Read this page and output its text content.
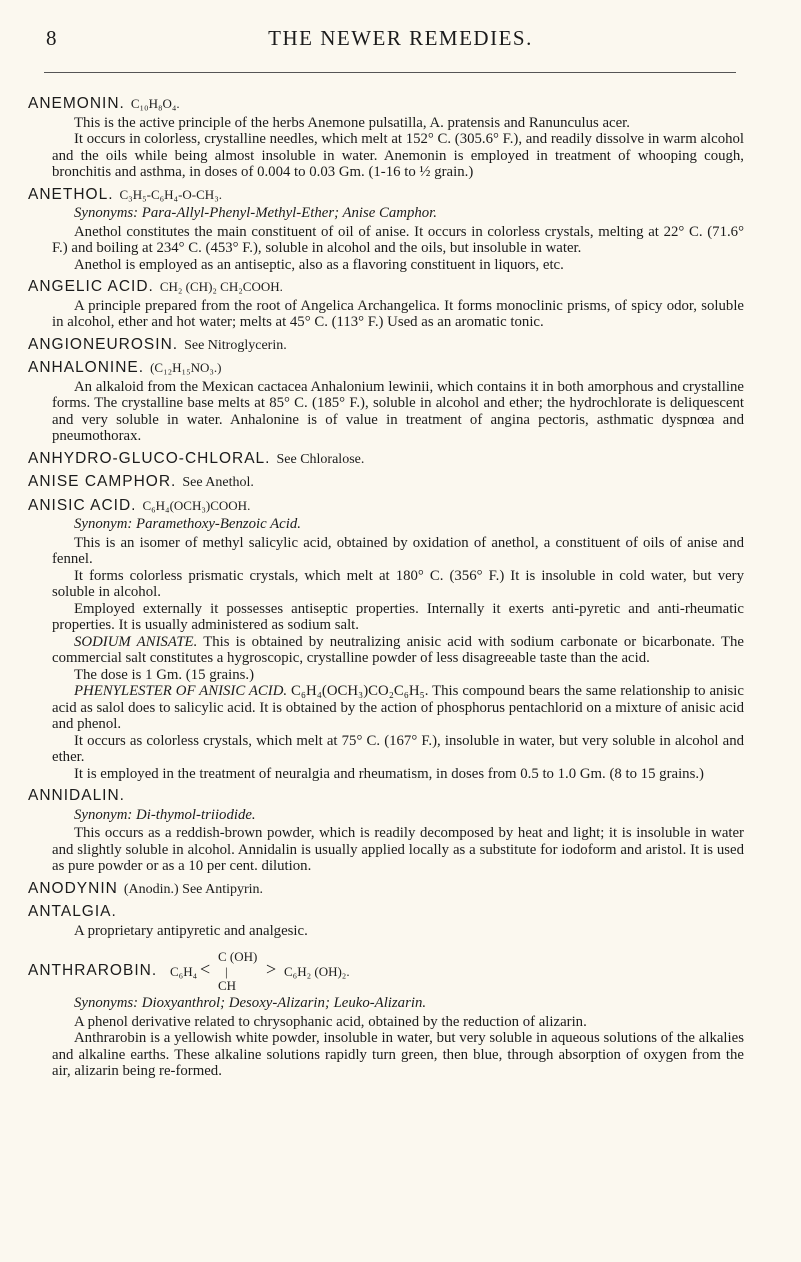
8	THE NEWER REMEDIES.
ANEMONIN. C₁₀H₈O₄.

This is the active principle of the herbs Anemone pulsatilla, A. pratensis and Ranunculus acer.

It occurs in colorless, crystalline needles, which melt at 152° C. (305.6° F.), and readily dissolve in warm alcohol and the oils while being almost insoluble in water. Anemonin is employed in treatment of whooping cough, bronchitis and asthma, in doses of 0.004 to 0.03 Gm. (1-16 to ½ grain.)

ANETHOL. C₃H₅-C₆H₄-O-CH₃.

Synonyms: Para-Allyl-Phenyl-Methyl-Ether; Anise Camphor.

Anethol constitutes the main constituent of oil of anise. It occurs in colorless crystals, melting at 22° C. (71.6° F.) and boiling at 234° C. (453° F.), soluble in alcohol and the oils, but insoluble in water.

Anethol is employed as an antiseptic, also as a flavoring constituent in liquors, etc.

ANGELIC ACID. CH₂ (CH)₂ CH₂COOH.

A principle prepared from the root of Angelica Archangelica. It forms monoclinic prisms, of spicy odor, soluble in alcohol, ether and hot water; melts at 45° C. (113° F.) Used as an aromatic tonic.

ANGIONEUROSIN. See Nitroglycerin.
ANHALONINE. (C₁₂H₁₅NO₃.)

An alkaloid from the Mexican cactacea Anhalonium lewinii, which contains it in both amorphous and crystalline forms. The crystalline base melts at 85° C. (185° F.), soluble in alcohol and ether; the hydrochlorate is deliquescent and very soluble in water. Anhalonine is of value in treatment of angina pectoris, asthmatic dyspnœa and pneumothorax.

ANHYDRO-GLUCO-CHLORAL. See Chloralose.
ANISE CAMPHOR. See Anethol.
ANISIC ACID. C₆H₄(OCH₃)COOH.

Synonym: Paramethoxy-Benzoic Acid.

This is an isomer of methyl salicylic acid, obtained by oxidation of anethol, a constituent of oils of anise and fennel.

It forms colorless prismatic crystals, which melt at 180° C. (356° F.) It is insoluble in cold water, but very soluble in alcohol.

Employed externally it possesses antiseptic properties. Internally it exerts anti-pyretic and anti-rheumatic properties. It is usually administered as sodium salt.

SODIUM ANISATE. This is obtained by neutralizing anisic acid with sodium carbonate or bicarbonate. The commercial salt constitutes a hygroscopic, crystalline powder of less disagreeable taste than the acid.

The dose is 1 Gm. (15 grains.)

PHENYLESTER OF ANISIC ACID. C₆H₄(OCH₃)CO₂C₆H₅. This compound bears the same relationship to anisic acid as salol does to salicylic acid. It is obtained by the action of phosphorus pentachlorid on a mixture of anisic acid and phenol.

It occurs as colorless crystals, which melt at 75° C. (167° F.), insoluble in water, but very soluble in alcohol and ether.

It is employed in the treatment of neuralgia and rheumatism, in doses from 0.5 to 1.0 Gm. (8 to 15 grains.)

ANNIDALIN.

Synonym: Di-thymol-triiodide.

This occurs as a reddish-brown powder, which is readily decomposed by heat and light; it is insoluble in water and slightly soluble in alcohol. Annidalin is usually applied locally as a substitute for iodoform and aristol. It is used as pure powder or as a 10 per cent. dilution.

ANODYNIN (Anodin.) See Antipyrin.
ANTALGIA.

A proprietary antipyretic and analgesic.

ANTHRAROBIN. C₆H₄ <
C (OH)
|
CH
> C₆H₂ (OH)₂.

Synonyms: Dioxyanthrol; Desoxy-Alizarin; Leuko-Alizarin.

A phenol derivative related to chrysophanic acid, obtained by the reduction of alizarin.

Anthrarobin is a yellowish white powder, insoluble in water, but very soluble in aqueous solutions of the alkalies and alkaline earths. These alkaline solutions rapidly turn green, then blue, through absorption of oxygen from the air, alizarin being re-formed.
